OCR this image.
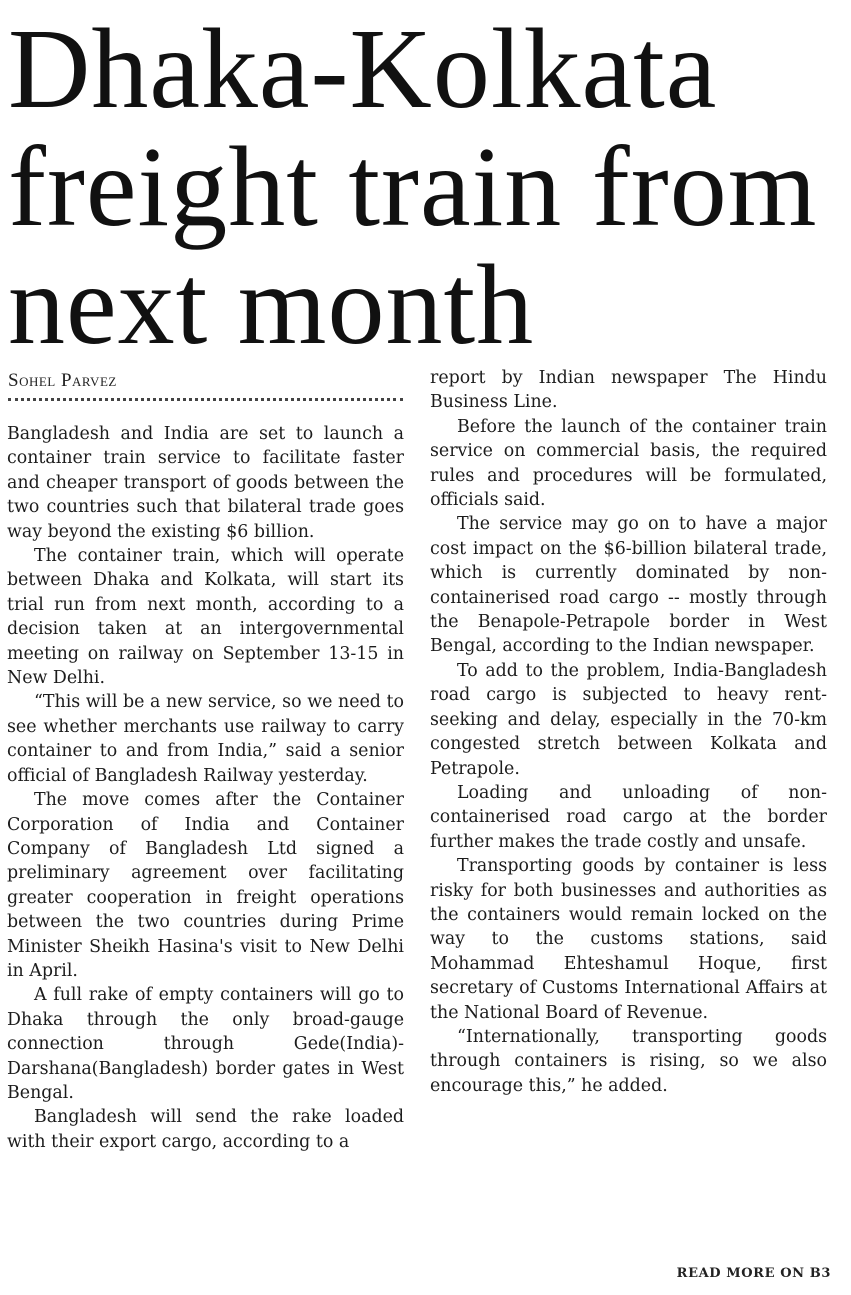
Dhaka-Kolkata
freight train from
next month
Sohel Parvez

Bangladesh and India are set to launch a container train service to facilitate faster and cheaper transport of goods between the two countries such that bilateral trade goes way beyond the existing $6 billion.

The container train, which will operate between Dhaka and Kolkata, will start its trial run from next month, according to a decision taken at an intergovernmental meeting on railway on September 13-15 in New Delhi.

“This will be a new service, so we need to see whether merchants use railway to carry container to and from India,” said a senior official of Bangladesh Railway yesterday.

The move comes after the Container Corporation of India and Container Company of Bangladesh Ltd signed a preliminary agreement over facilitating greater cooperation in freight operations between the two countries during Prime Minister Sheikh Hasina's visit to New Delhi in April.

A full rake of empty containers will go to Dhaka through the only broad-gauge connection through Gede(India)-Darshana(Bangladesh) border gates in West Bengal.

Bangladesh will send the rake loaded with their export cargo, according to a

report by Indian newspaper The Hindu Business Line.

Before the launch of the container train service on commercial basis, the required rules and procedures will be formulated, officials said.

The service may go on to have a major cost impact on the $6-billion bilateral trade, which is currently dominated by non-containerised road cargo -- mostly through the Benapole-Petrapole border in West Bengal, according to the Indian newspaper.

To add to the problem, India-Bangladesh road cargo is subjected to heavy rent-seeking and delay, especially in the 70-km congested stretch between Kolkata and Petrapole.

Loading and unloading of non-containerised road cargo at the border further makes the trade costly and unsafe.

Transporting goods by container is less risky for both businesses and authorities as the containers would remain locked on the way to the customs stations, said Mohammad Ehteshamul Hoque, first secretary of Customs International Affairs at the National Board of Revenue.

“Internationally, transporting goods through containers is rising, so we also encourage this,” he added.

READ MORE ON B3
